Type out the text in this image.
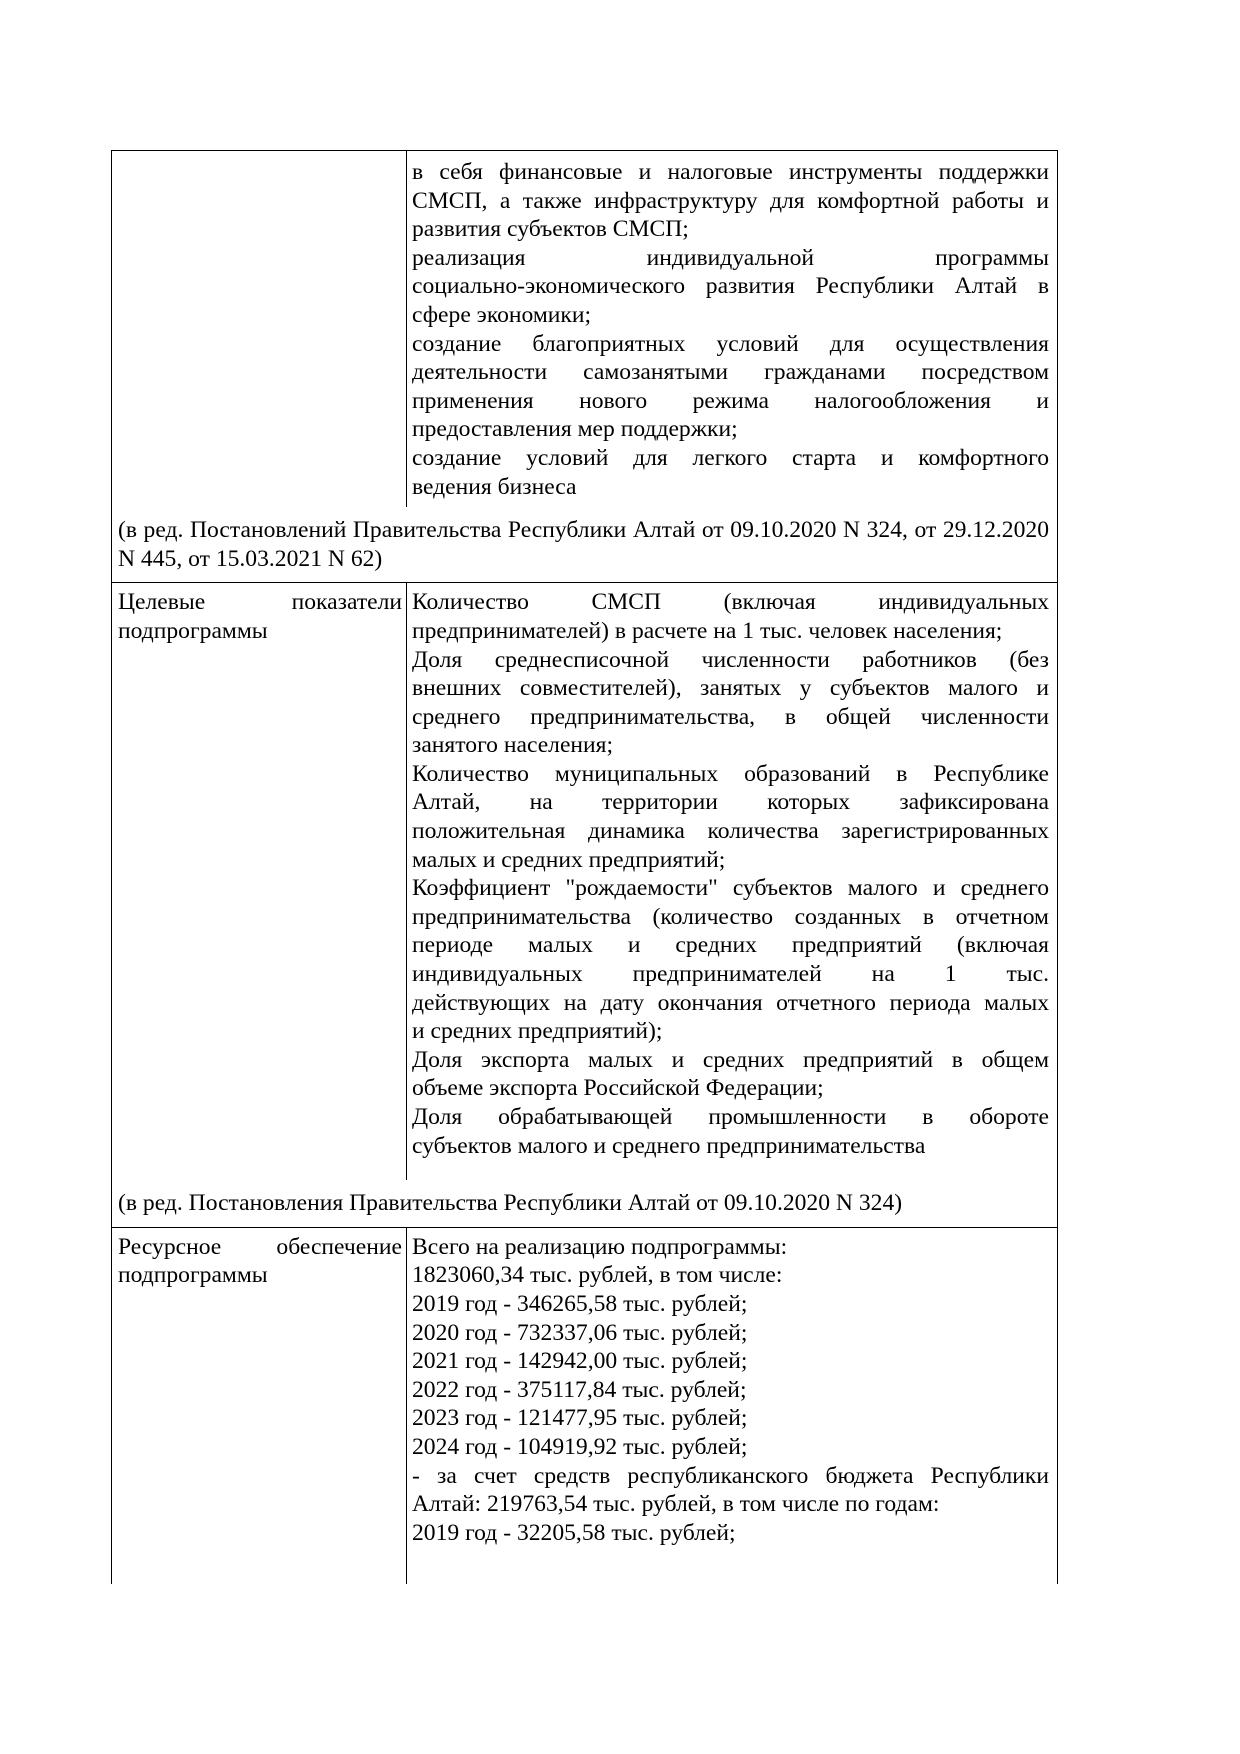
в себя финансовые и налоговые инструменты поддержки
СМСП, а также инфраструктуру для комфортной работы и
развития субъектов СМСП;
реализация индивидуальной программы
социально-экономического развития Республики Алтай в
сфере экономики;
создание благоприятных условий для осуществления
деятельности самозанятыми гражданами посредством
применения нового режима налогообложения и
предоставления мер поддержки;
создание условий для легкого старта и комфортного
ведения бизнеса
(в ред. Постановлений Правительства Республики Алтай от 09.10.2020 N 324, от 29.12.2020 N 445, от 15.03.2021 N 62)
Целевые показатели подпрограммы
Количество СМСП (включая индивидуальных
предпринимателей) в расчете на 1 тыс. человек населения;
Доля среднесписочной численности работников (без
внешних совместителей), занятых у субъектов малого и
среднего предпринимательства, в общей численности
занятого населения;
Количество муниципальных образований в Республике
Алтай, на территории которых зафиксирована
положительная динамика количества зарегистрированных
малых и средних предприятий;
Коэффициент "рождаемости" субъектов малого и среднего
предпринимательства (количество созданных в отчетном
периоде малых и средних предприятий (включая
индивидуальных предпринимателей на 1 тыс.
действующих на дату окончания отчетного периода малых
и средних предприятий);
Доля экспорта малых и средних предприятий в общем
объеме экспорта Российской Федерации;
Доля обрабатывающей промышленности в обороте
субъектов малого и среднего предпринимательства
(в ред. Постановления Правительства Республики Алтай от 09.10.2020 N 324)
Ресурсное обеспечение подпрограммы
Всего на реализацию подпрограммы:
1823060,34 тыс. рублей, в том числе:
2019 год - 346265,58 тыс. рублей;
2020 год - 732337,06 тыс. рублей;
2021 год - 142942,00 тыс. рублей;
2022 год - 375117,84 тыс. рублей;
2023 год - 121477,95 тыс. рублей;
2024 год - 104919,92 тыс. рублей;
- за счет средств республиканского бюджета Республики
Алтай: 219763,54 тыс. рублей, в том числе по годам:
2019 год - 32205,58 тыс. рублей;
